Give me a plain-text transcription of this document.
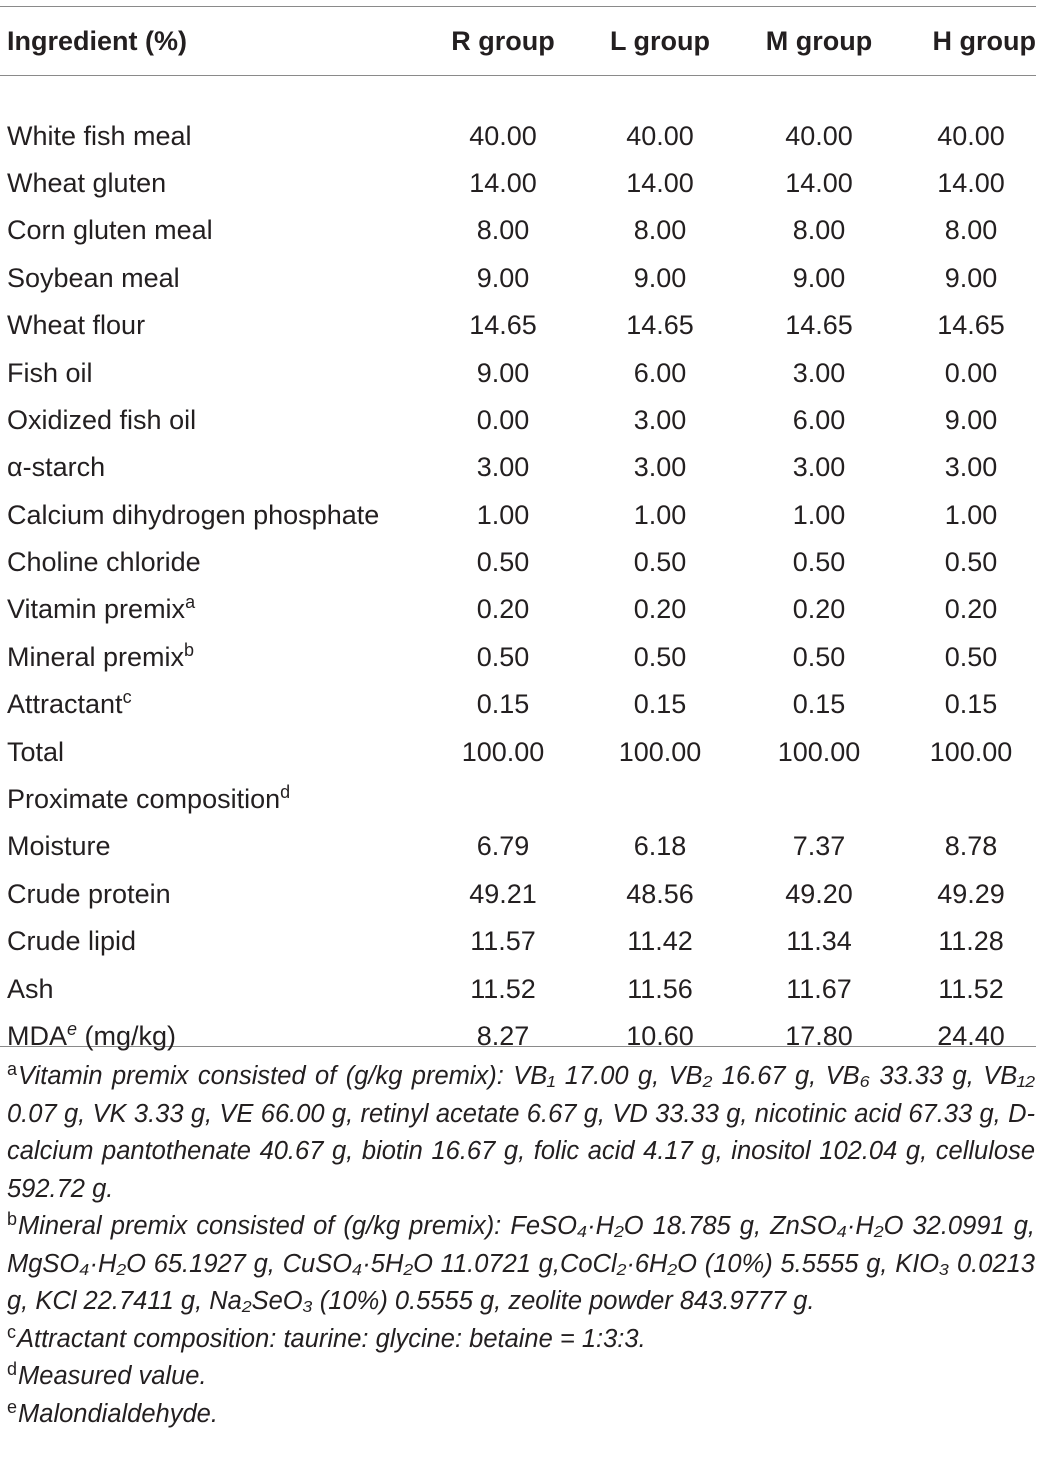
Ingredient (%)	R group	L group	M group	H group

White fish meal	40.00	40.00	40.00	40.00
Wheat gluten	14.00	14.00	14.00	14.00
Corn gluten meal	8.00	8.00	8.00	8.00
Soybean meal	9.00	9.00	9.00	9.00
Wheat flour	14.65	14.65	14.65	14.65
Fish oil	9.00	6.00	3.00	0.00
Oxidized fish oil	0.00	3.00	6.00	9.00
α-starch	3.00	3.00	3.00	3.00
Calcium dihydrogen phosphate	1.00	1.00	1.00	1.00
Choline chloride	0.50	0.50	0.50	0.50
Vitamin premix$^a$	0.20	0.20	0.20	0.20
Mineral premix$^b$	0.50	0.50	0.50	0.50
Attractant$^c$	0.15	0.15	0.15	0.15
Total	100.00	100.00	100.00	100.00
Proximate composition$^d$				
Moisture	6.79	6.18	7.37	8.78
Crude protein	49.21	48.56	49.20	49.29
Crude lipid	11.57	11.42	11.34	11.28
Ash	11.52	11.56	11.67	11.52
MDA$^e$ (mg/kg)	8.27	10.60	17.80	24.40
$^a$Vitamin premix consisted of (g/kg premix): VB₁ 17.00 g, VB₂ 16.67 g, VB₆ 33.33 g, VB₁₂ 0.07 g, VK 3.33 g, VE 66.00 g, retinyl acetate 6.67 g, VD 33.33 g, nicotinic acid 67.33 g, D-calcium pantothenate 40.67 g, biotin 16.67 g, folic acid 4.17 g, inositol 102.04 g, cellulose 592.72 g.
$^b$Mineral premix consisted of (g/kg premix): FeSO₄·H₂O 18.785 g, ZnSO₄·H₂O 32.0991 g, MgSO₄·H₂O 65.1927 g, CuSO₄·5H₂O 11.0721 g,CoCl₂·6H₂O (10%) 5.5555 g, KIO₃ 0.0213 g, KCl 22.7411 g, Na₂SeO₃ (10%) 0.5555 g, zeolite powder 843.9777 g.
$^c$Attractant composition: taurine: glycine: betaine = 1:3:3.
$^d$Measured value.
$^e$Malondialdehyde.
